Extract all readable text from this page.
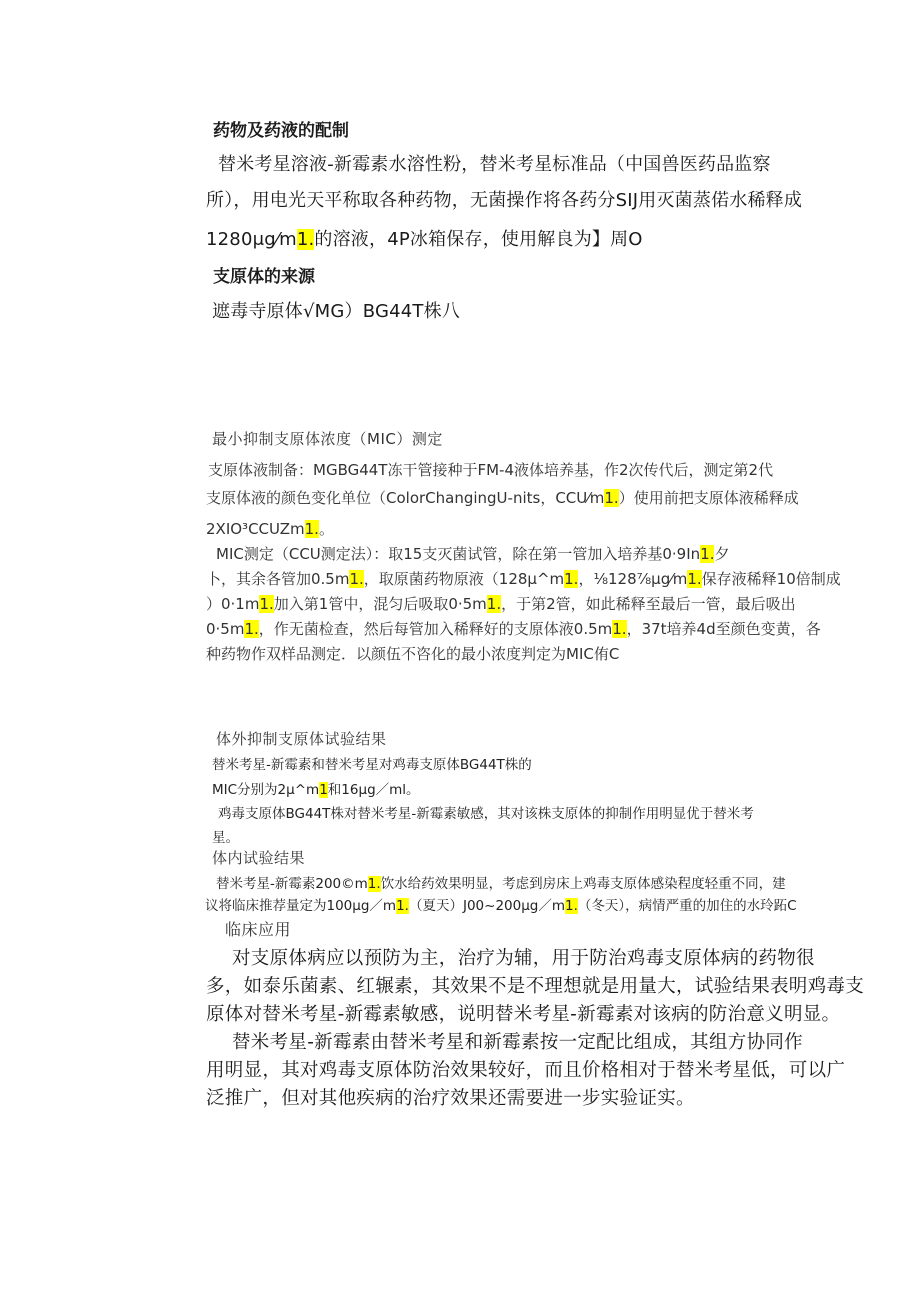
药物及药液的配制
替米考星溶液-新霉素水溶性粉，替米考星标准品（中国兽医药品监察
所），用电光天平称取各种药物，无菌操作将各药分SIJ用灭菌蒸偌水稀释成
1280μg⁄m1.的溶液，4P冰箱保存，使用解良为】周O
支原体的来源
遮毒寺原体√MG）BG44T株八
最小抑制支原体浓度（MIC）测定
支原体液制备：MGBG44T冻干管接种于FM-4液体培养基，作2次传代后，测定第2代
支原体液的颜色变化单位（ColorChangingU-nits，CCU⁄m1.）使用前把支原体液稀释成
2XIO³CCUZm1.。
MIC测定（CCU测定法）：取15支灭菌试管，除在第一管加入培养基0·9In1.夕
卜，其余各管加0.5m1.，取原菌药物原液（128μ^m1.，⅛128⅞μg⁄m1.保存液稀释10倍制成
）0·1m1.加入第1管中，混匀后吸取0·5m1.，于第2管，如此稀释至最后一管，最后吸出
0·5m1.，作无菌检查，然后每管加入稀释好的支原体液0.5m1.，37t培养4d至颜色变黄，各
种药物作双样品测定．以颜伍不咨化的最小浓度判定为MIC侑C
体外抑制支原体试验结果
替米考星-新霉素和替米考星对鸡毒支原体BG44T株的
MIC分别为2μ^m1和16μg／ml。
鸡毒支原体BG44T株对替米考星-新霉素敏感，其对该株支原体的抑制作用明显优于替米考
星。
体内试验结果
替米考星-新霉素200©m1.饮水给药效果明显，考虑到房床上鸡毒支原体感染程度轻重不同，建
议将临床推荐量定为100μg／m1.（夏天）J00~200μg／m1.（冬天），病情严重的加住的水玲跖C
临床应用
对支原体病应以预防为主，治疗为辅，用于防治鸡毒支原体病的药物很
多，如泰乐菌素、红辗素，其效果不是不理想就是用量大，试验结果表明鸡毒支
原体对替米考星-新霉素敏感，说明替米考星-新霉素对该病的防治意义明显。
替米考星-新霉素由替米考星和新霉素按一定配比组成，其组方协同作
用明显，其对鸡毒支原体防治效果较好，而且价格相对于替米考星低，可以广
泛推广，但对其他疾病的治疗效果还需要进一步实验证实。
